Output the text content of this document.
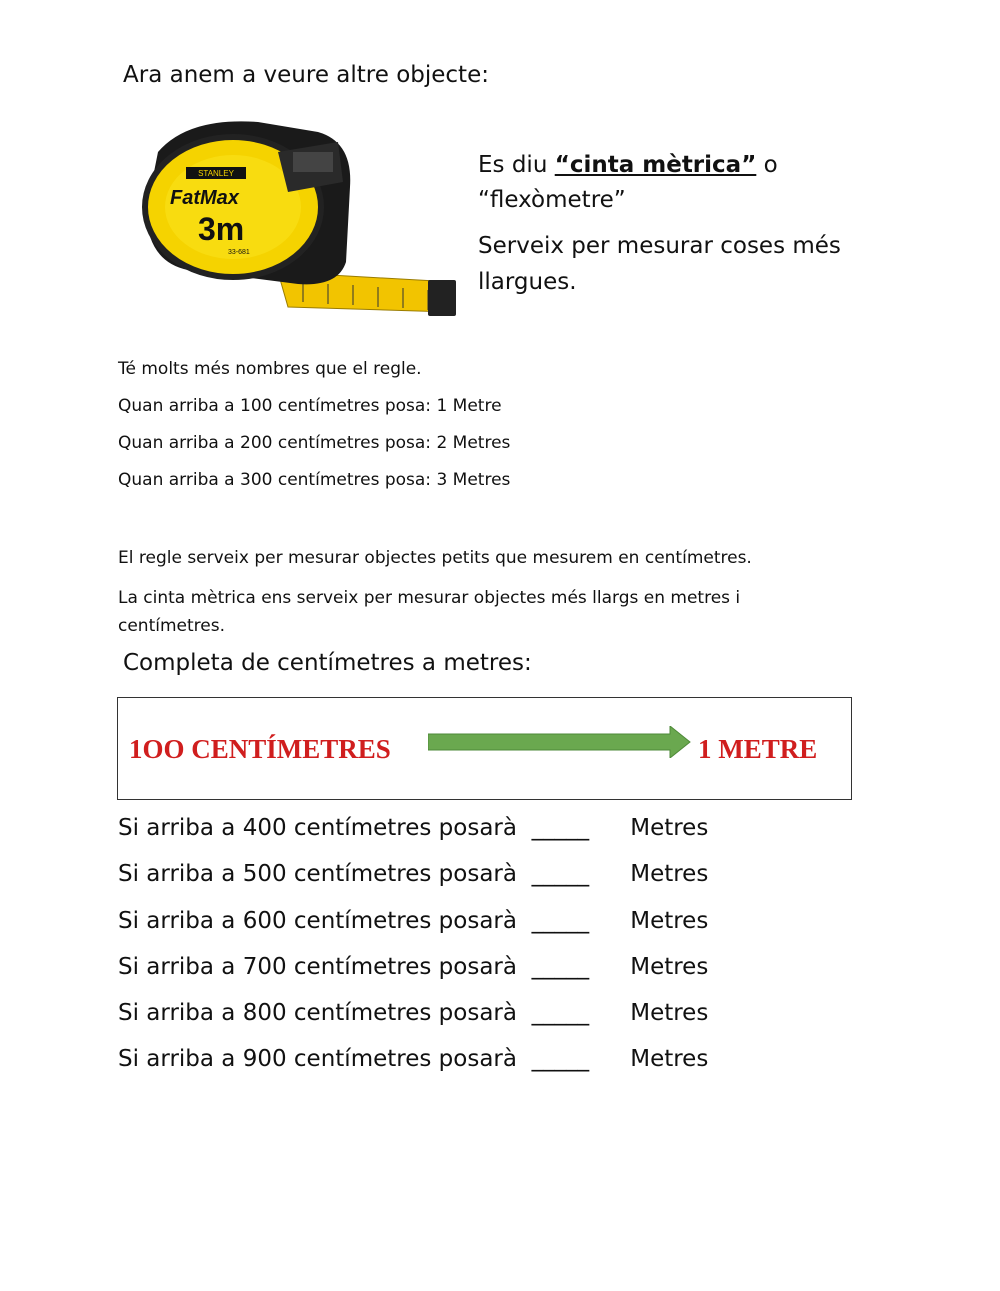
Ara anem a veure altre objecte:
STANLEY
FatMax
3m
33-681
Es diu “cinta mètrica” o
“flexòmetre”
Serveix per mesurar coses més
llargues.
Té molts més nombres que el regle.
Quan arriba a 100 centímetres posa: 1 Metre
Quan arriba a 200 centímetres posa: 2 Metres
Quan arriba a 300 centímetres posa: 3 Metres
El regle serveix per mesurar objectes petits que mesurem en centímetres.
La cinta mètrica ens serveix per mesurar objectes més llargs en metres i
centímetres.
Completa de centímetres a metres:
1OO CENTÍMETRES	1 METRE
Si arriba a 400 centímetres posarà _____ Metres
Si arriba a 500 centímetres posarà _____ Metres
Si arriba a 600 centímetres posarà _____ Metres
Si arriba a 700 centímetres posarà _____ Metres
Si arriba a 800 centímetres posarà _____ Metres
Si arriba a 900 centímetres posarà _____ Metres
